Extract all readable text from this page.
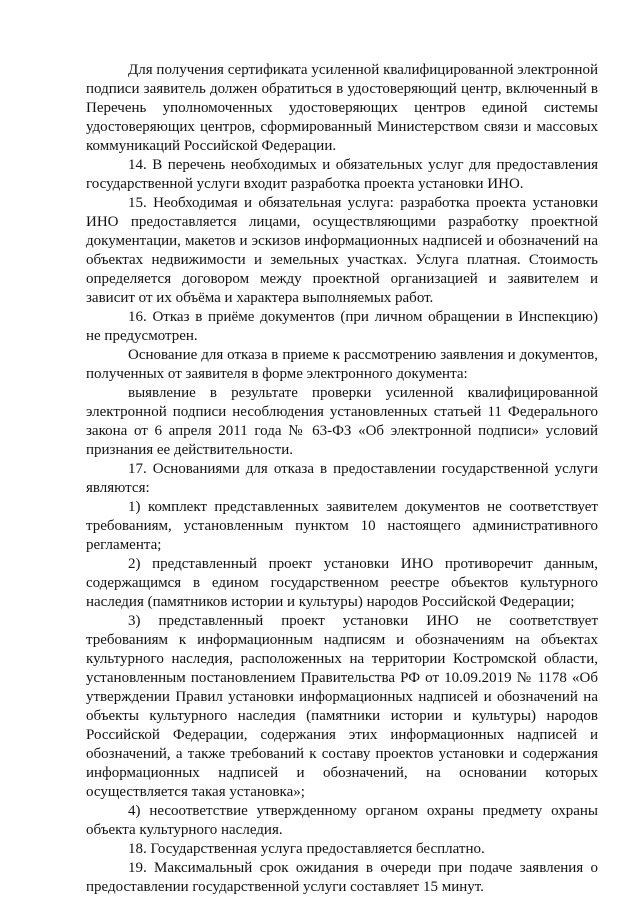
Для получения сертификата усиленной квалифицированной электронной подписи заявитель должен обратиться в удостоверяющий центр, включенный в Перечень уполномоченных удостоверяющих центров единой системы удостоверяющих центров, сформированный Министерством связи и массовых коммуникаций Российской Федерации.

14. В перечень необходимых и обязательных услуг для предоставления государственной услуги входит разработка проекта установки ИНО.

15. Необходимая и обязательная услуга: разработка проекта установки ИНО предоставляется лицами, осуществляющими разработку проектной документации, макетов и эскизов информационных надписей и обозначений на объектах недвижимости и земельных участках. Услуга платная. Стоимость определяется договором между проектной организацией и заявителем и зависит от их объёма и характера выполняемых работ.

16. Отказ в приёме документов (при личном обращении в Инспекцию) не предусмотрен.

Основание для отказа в приеме к рассмотрению заявления и документов, полученных от заявителя в форме электронного документа:

выявление в результате проверки усиленной квалифицированной электронной подписи несоблюдения установленных статьей 11 Федерального закона от 6 апреля 2011 года № 63-ФЗ «Об электронной подписи» условий признания ее действительности.

17. Основаниями для отказа в предоставлении государственной услуги являются:

1) комплект представленных заявителем документов не соответствует требованиям, установленным пунктом 10 настоящего административного регламента;

2) представленный проект установки ИНО противоречит данным, содержащимся в едином государственном реестре объектов культурного наследия (памятников истории и культуры) народов Российской Федерации;

3) представленный проект установки ИНО не соответствует требованиям к информационным надписям и обозначениям на объектах культурного наследия, расположенных на территории Костромской области, установленным постановлением Правительства РФ от 10.09.2019 № 1178 «Об утверждении Правил установки информационных надписей и обозначений на объекты культурного наследия (памятники истории и культуры) народов Российской Федерации, содержания этих информационных надписей и обозначений, а также требований к составу проектов установки и содержания информационных надписей и обозначений, на основании которых осуществляется такая установка»;

4) несоответствие утвержденному органом охраны предмету охраны объекта культурного наследия.

18. Государственная услуга предоставляется бесплатно.

19. Максимальный срок ожидания в очереди при подаче заявления о предоставлении государственной услуги составляет 15 минут.
